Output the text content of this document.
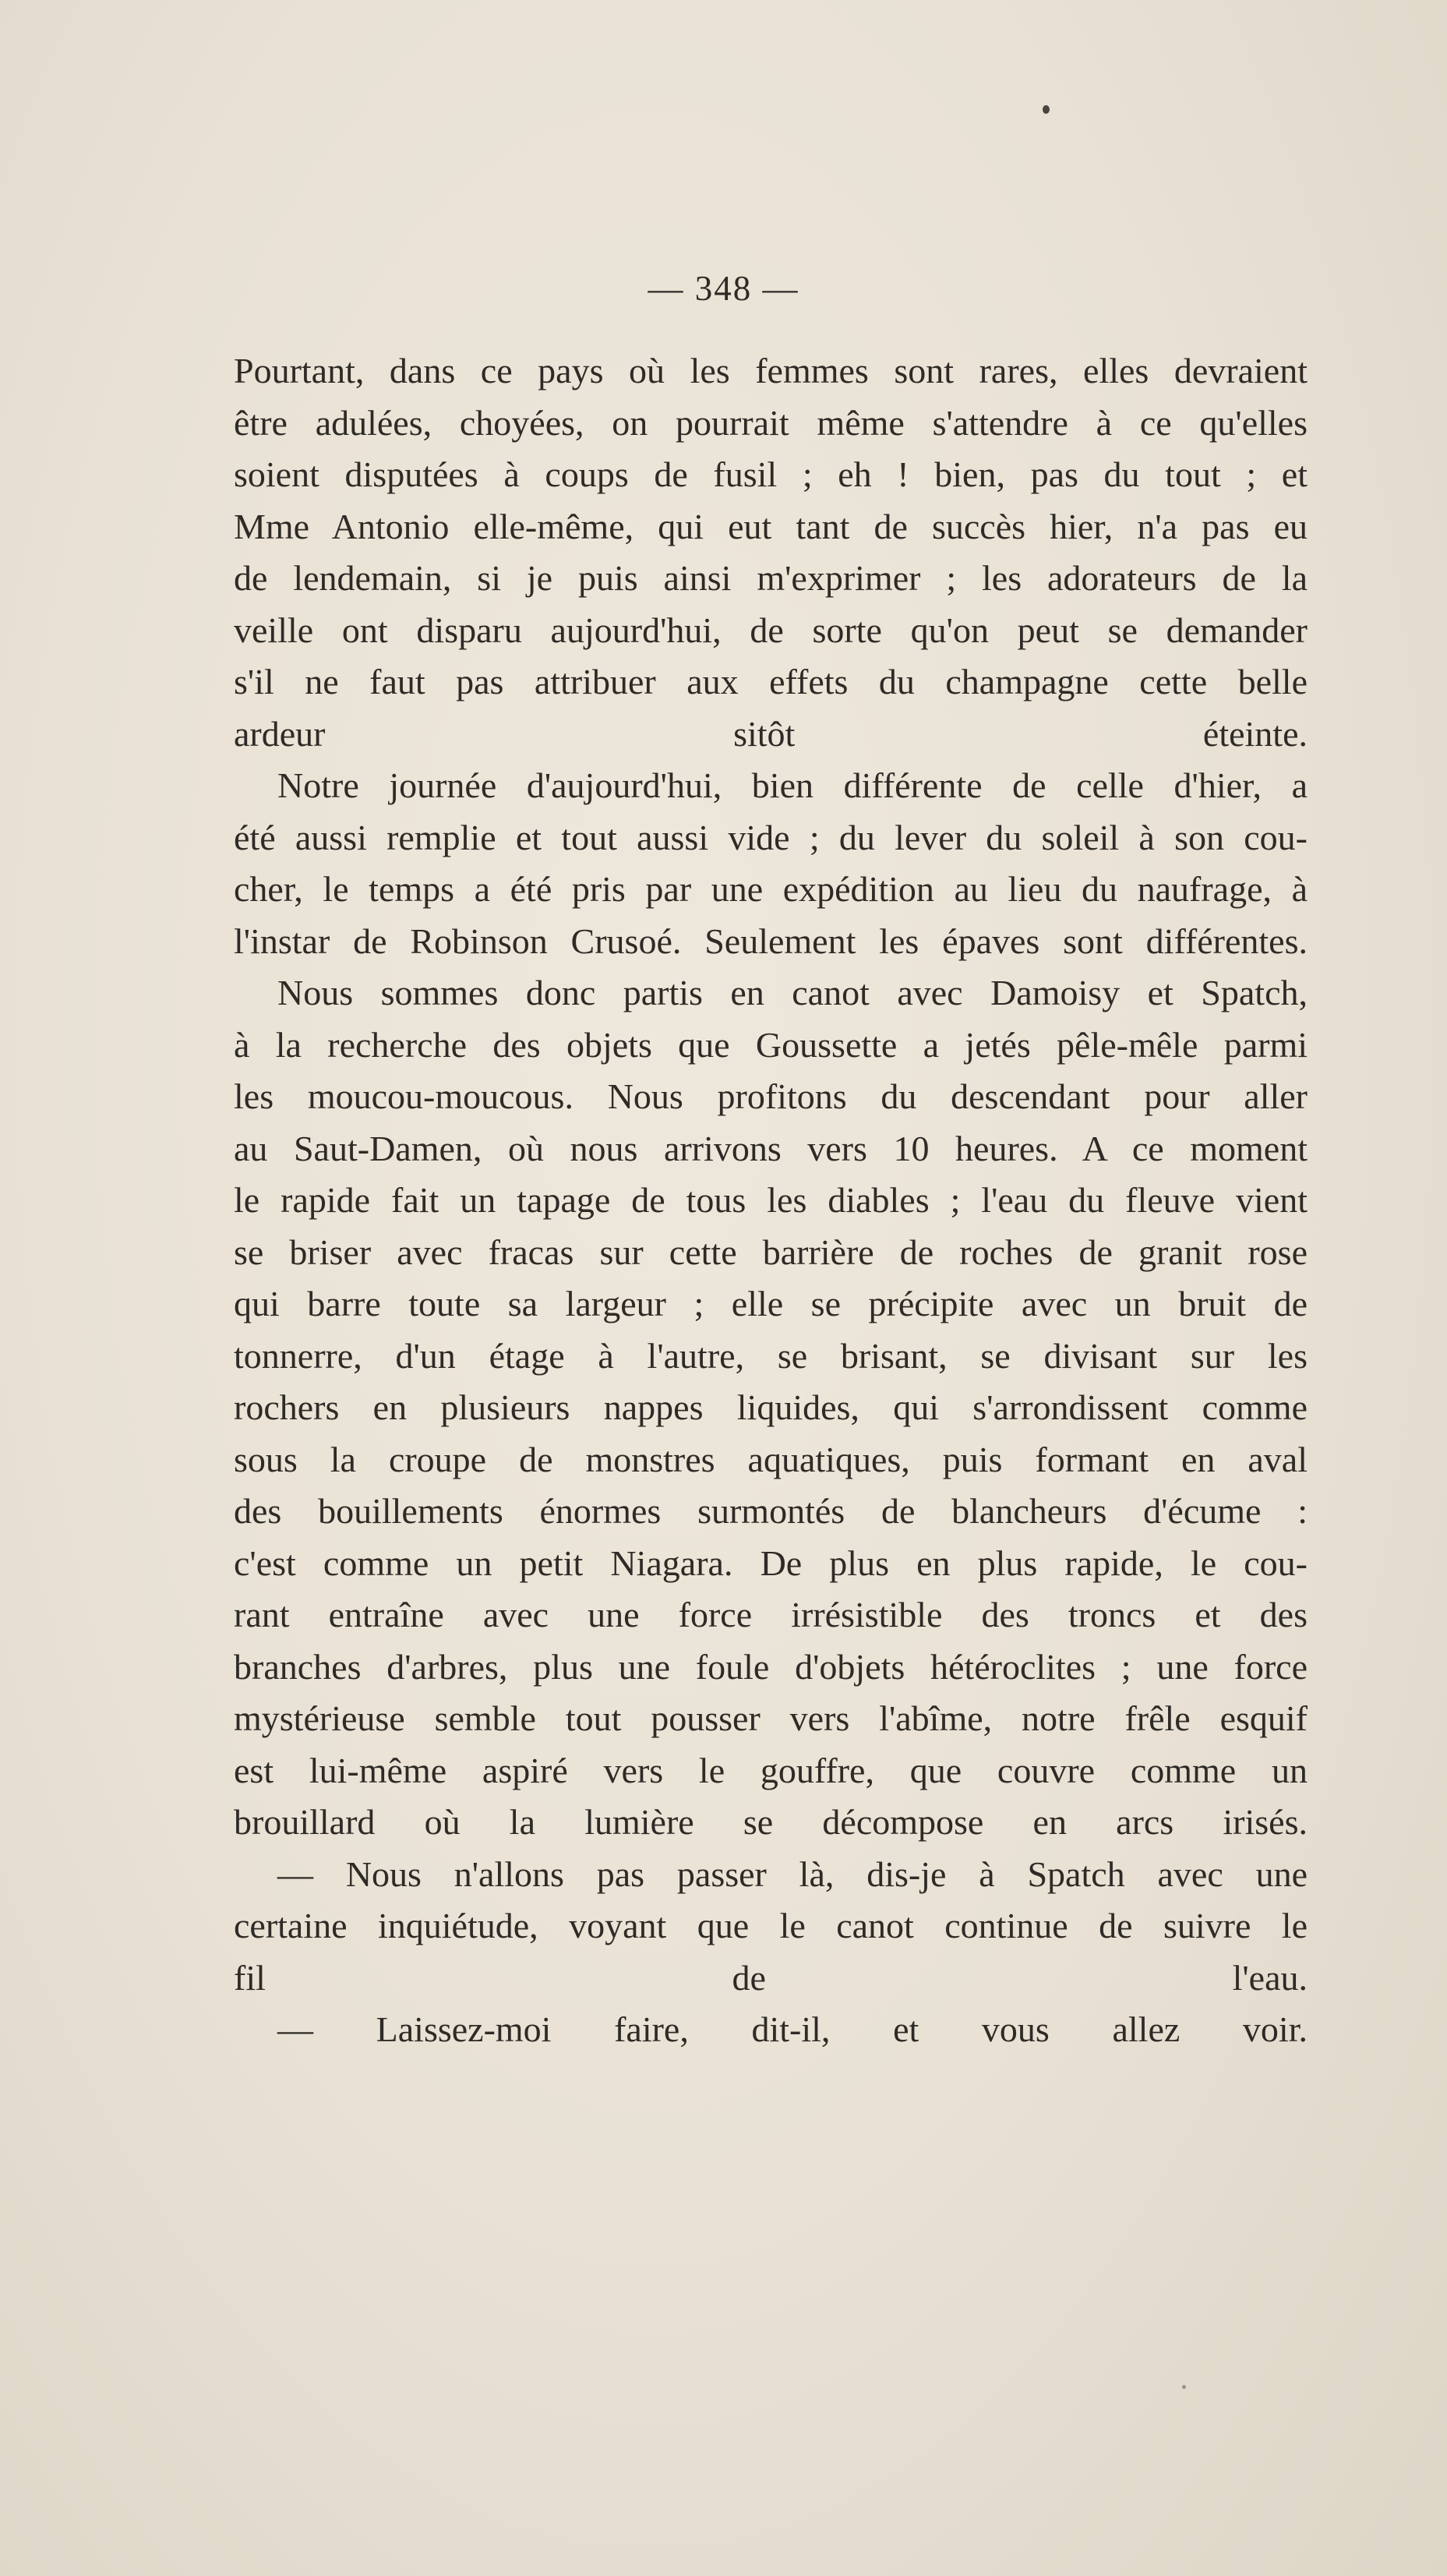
— 348 —

Pourtant, dans ce pays où les femmes sont rares, elles devraient
être adulées, choyées, on pourrait même s'attendre à ce qu'elles
soient disputées à coups de fusil ; eh ! bien, pas du tout ; et
Mme Antonio elle-même, qui eut tant de succès hier, n'a pas eu
de lendemain, si je puis ainsi m'exprimer ; les adorateurs de la
veille ont disparu aujourd'hui, de sorte qu'on peut se demander
s'il ne faut pas attribuer aux effets du champagne cette belle
ardeur sitôt éteinte.

Notre journée d'aujourd'hui, bien différente de celle d'hier, a
été aussi remplie et tout aussi vide ; du lever du soleil à son cou-
cher, le temps a été pris par une expédition au lieu du naufrage, à
l'instar de Robinson Crusoé. Seulement les épaves sont différentes.

Nous sommes donc partis en canot avec Damoisy et Spatch,
à la recherche des objets que Goussette a jetés pêle-mêle parmi
les moucou-moucous. Nous profitons du descendant pour aller
au Saut-Damen, où nous arrivons vers 10 heures. A ce moment
le rapide fait un tapage de tous les diables ; l'eau du fleuve vient
se briser avec fracas sur cette barrière de roches de granit rose
qui barre toute sa largeur ; elle se précipite avec un bruit de
tonnerre, d'un étage à l'autre, se brisant, se divisant sur les
rochers en plusieurs nappes liquides, qui s'arrondissent comme
sous la croupe de monstres aquatiques, puis formant en aval
des bouillements énormes surmontés de blancheurs d'écume :
c'est comme un petit Niagara. De plus en plus rapide, le cou-
rant entraîne avec une force irrésistible des troncs et des
branches d'arbres, plus une foule d'objets hétéroclites ; une force
mystérieuse semble tout pousser vers l'abîme, notre frêle esquif
est lui-même aspiré vers le gouffre, que couvre comme un
brouillard où la lumière se décompose en arcs irisés.

— Nous n'allons pas passer là, dis-je à Spatch avec une
certaine inquiétude, voyant que le canot continue de suivre le
fil de l'eau.

— Laissez-moi faire, dit-il, et vous allez voir.
